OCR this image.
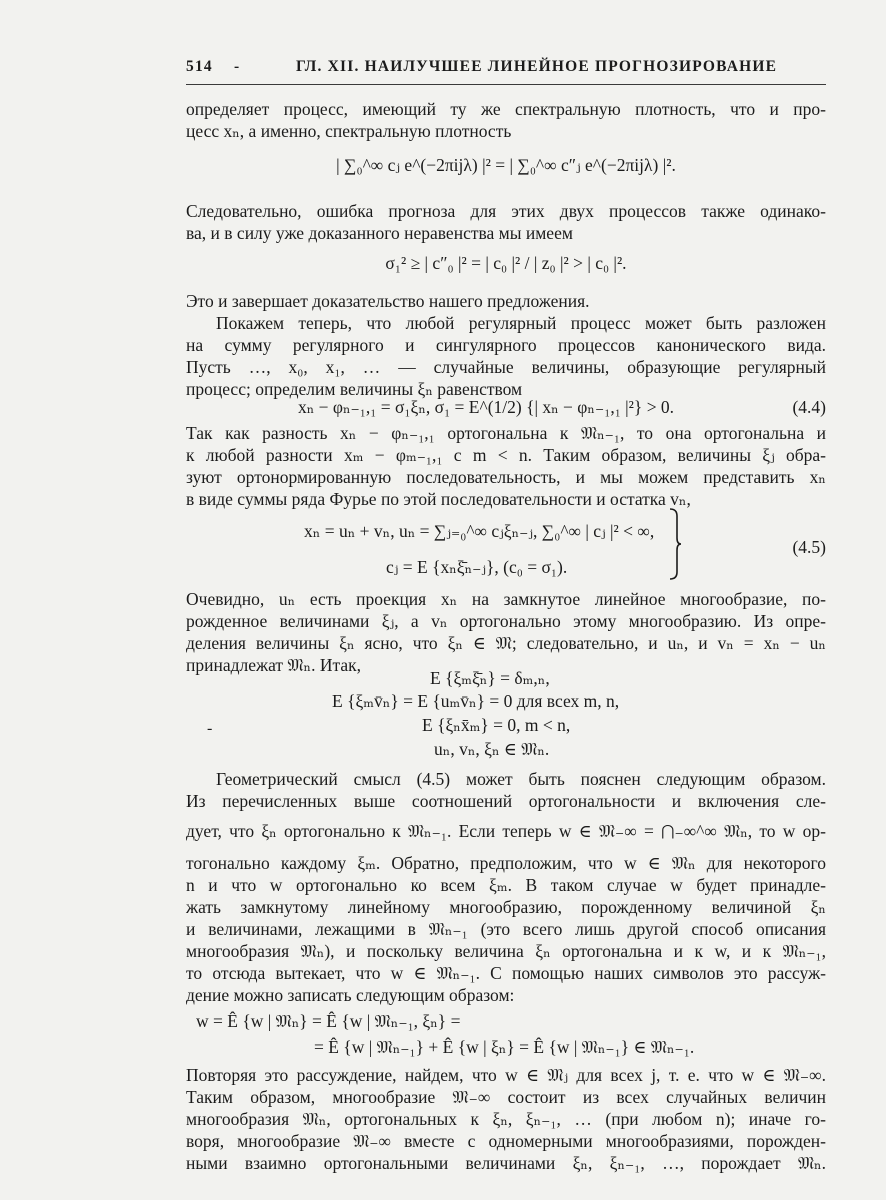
514 -	ГЛ. XII. НАИЛУЧШЕЕ ЛИНЕЙНОЕ ПРОГНОЗИРОВАНИЕ
определяет процесс, имеющий ту же спектральную плотность, что и про-
цесс xₙ, а именно, спектральную плотность
| ∑₀^∞ cⱼ e^(−2πijλ) |² = | ∑₀^∞ c″ⱼ e^(−2πijλ) |².
Следовательно, ошибка прогноза для этих двух процессов также одинако-
ва, и в силу уже доказанного неравенства мы имеем
σ₁² ≥ | c″₀ |² = | c₀ |² / | z₀ |² > | c₀ |².
Это и завершает доказательство нашего предложения.
Покажем теперь, что любой регулярный процесс может быть разложен
на сумму регулярного и сингулярного процессов канонического вида.
Пусть …, x₀, x₁, … — случайные величины, образующие регулярный
процесс; определим величины ξₙ равенством
xₙ − φₙ₋₁,₁ = σ₁ξₙ, σ₁ = E^(1/2) {| xₙ − φₙ₋₁,₁ |²} > 0.	(4.4)
Так как разность xₙ − φₙ₋₁,₁ ортогональна к 𝔐ₙ₋₁, то она ортогональна и
к любой разности xₘ − φₘ₋₁,₁ с m < n. Таким образом, величины ξⱼ обра-
зуют ортонормированную последовательность, и мы можем представить xₙ
в виде суммы ряда Фурье по этой последовательности и остатка vₙ,
xₙ = uₙ + vₙ, uₙ = ∑ⱼ₌₀^∞ cⱼξₙ₋ⱼ, ∑₀^∞ | cⱼ |² < ∞,
cⱼ = E {xₙξ̄ₙ₋ⱼ}, (c₀ = σ₁).
(4.5)
Очевидно, uₙ есть проекция xₙ на замкнутое линейное многообразие, по-
рожденное величинами ξⱼ, а vₙ ортогонально этому многообразию. Из опре-
деления величины ξₙ ясно, что ξₙ ∈ 𝔐; следовательно, и uₙ, и vₙ = xₙ − uₙ
принадлежат 𝔐ₙ. Итак,
E {ξₘξ̄ₙ} = δₘ,ₙ,
E {ξₘv̄ₙ} = E {uₘv̄ₙ} = 0 для всех m, n,
E {ξₙx̄ₘ} = 0, m < n,
uₙ, vₙ, ξₙ ∈ 𝔐ₙ.
-
Геометрический смысл (4.5) может быть пояснен следующим образом.
Из перечисленных выше соотношений ортогональности и включения сле-
дует, что ξₙ ортогонально к 𝔐ₙ₋₁. Если теперь w ∈ 𝔐₋∞ = ⋂₋∞^∞ 𝔐ₙ, то w ор-
тогонально каждому ξₘ. Обратно, предположим, что w ∈ 𝔐ₙ для некоторого
n и что w ортогонально ко всем ξₘ. В таком случае w будет принадле-
жать замкнутому линейному многообразию, порожденному величиной ξₙ
и величинами, лежащими в 𝔐ₙ₋₁ (это всего лишь другой способ описания
многообразия 𝔐ₙ), и поскольку величина ξₙ ортогональна и к w, и к 𝔐ₙ₋₁,
то отсюда вытекает, что w ∈ 𝔐ₙ₋₁. С помощью наших символов это рассуж-
дение можно записать следующим образом:
w = Ê {w | 𝔐ₙ} = Ê {w | 𝔐ₙ₋₁, ξₙ} =
= Ê {w | 𝔐ₙ₋₁} + Ê {w | ξₙ} = Ê {w | 𝔐ₙ₋₁} ∈ 𝔐ₙ₋₁.
Повторяя это рассуждение, найдем, что w ∈ 𝔐ⱼ для всех j, т. е. что w ∈ 𝔐₋∞.
Таким образом, многообразие 𝔐₋∞ состоит из всех случайных величин
многообразия 𝔐ₙ, ортогональных к ξₙ, ξₙ₋₁, … (при любом n); иначе го-
воря, многообразие 𝔐₋∞ вместе с одномерными многообразиями, порожден-
ными взаимно ортогональными величинами ξₙ, ξₙ₋₁, …, порождает 𝔐ₙ.
